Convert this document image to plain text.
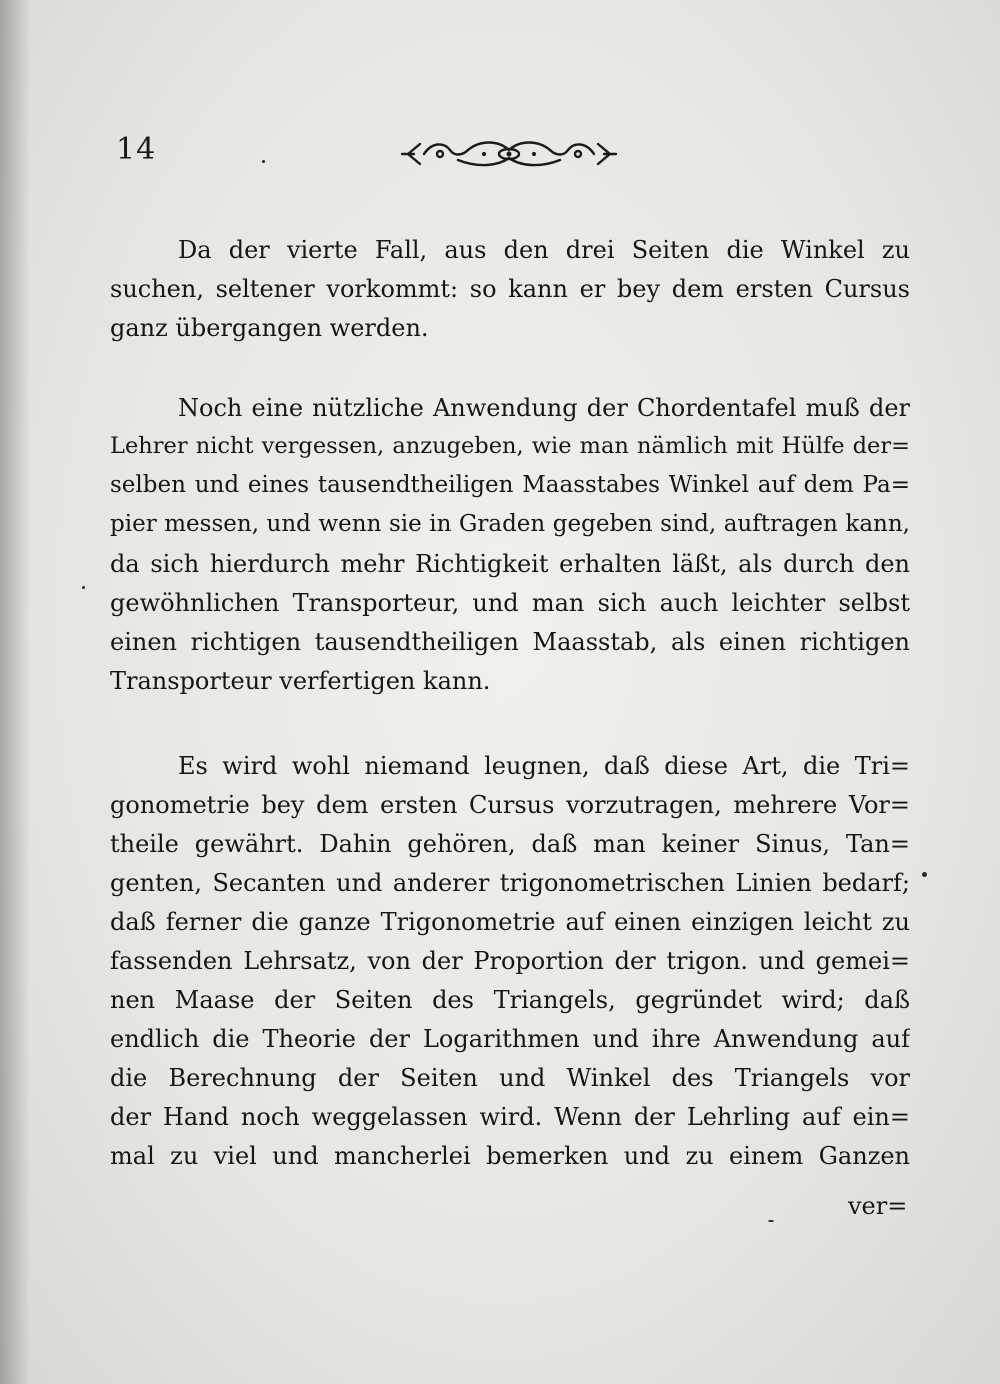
14
Da der vierte Fall, aus den drei Seiten die Winkel zu
suchen, seltener vorkommt: so kann er bey dem ersten Cursus
ganz übergangen werden.
Noch eine nützliche Anwendung der Chordentafel muß der
Lehrer nicht vergessen, anzugeben, wie man nämlich mit Hülfe der=
selben und eines tausendtheiligen Maasstabes Winkel auf dem Pa=
pier messen, und wenn sie in Graden gegeben sind, auftragen kann,
da sich hierdurch mehr Richtigkeit erhalten läßt, als durch den
gewöhnlichen Transporteur, und man sich auch leichter selbst
einen richtigen tausendtheiligen Maasstab, als einen richtigen
Transporteur verfertigen kann.
Es wird wohl niemand leugnen, daß diese Art, die Tri=
gonometrie bey dem ersten Cursus vorzutragen, mehrere Vor=
theile gewährt. Dahin gehören, daß man keiner Sinus, Tan=
genten, Secanten und anderer trigonometrischen Linien bedarf;
daß ferner die ganze Trigonometrie auf einen einzigen leicht zu
fassenden Lehrsatz, von der Proportion der trigon. und gemei=
nen Maase der Seiten des Triangels, gegründet wird; daß
endlich die Theorie der Logarithmen und ihre Anwendung auf
die Berechnung der Seiten und Winkel des Triangels vor
der Hand noch weggelassen wird. Wenn der Lehrling auf ein=
mal zu viel und mancherlei bemerken und zu einem Ganzen
ver=
